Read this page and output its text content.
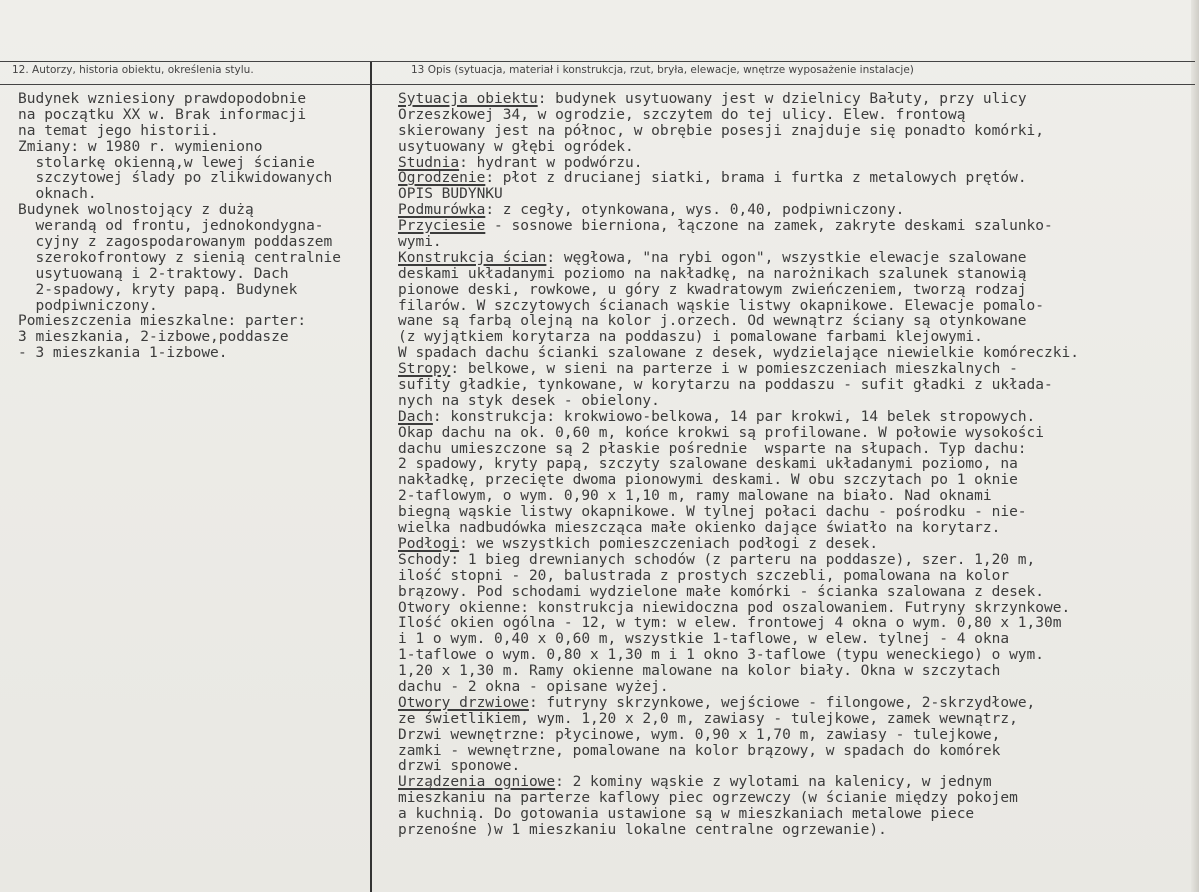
12. Autorzy, historia obiektu, określenia stylu.	13 Opis (sytuacja, materiał i konstrukcja, rzut, bryła, elewacje, wnętrze wyposażenie instalacje)
Budynek wzniesiony prawdopodobnie
na początku XX w. Brak informacji
na temat jego historii.
Zmiany: w 1980 r. wymieniono
stolarkę okienną,w lewej ścianie
szczytowej ślady po zlikwidowanych
oknach.
Budynek wolnostojący z dużą
werandą od frontu, jednokondygna-
cyjny z zagospodarowanym poddaszem
szerokofrontowy z sienią centralnie
usytuowaną i 2-traktowy. Dach
2-spadowy, kryty papą. Budynek
podpiwniczony.
Pomieszczenia mieszkalne: parter:
3 mieszkania, 2-izbowe,poddasze
- 3 mieszkania 1-izbowe.
Sytuacja obiektu: budynek usytuowany jest w dzielnicy Bałuty, przy ulicy
Orzeszkowej 34, w ogrodzie, szczytem do tej ulicy. Elew. frontową
skierowany jest na północ, w obrębie posesji znajduje się ponadto komórki,
usytuowany w głębi ogródek.
Studnia: hydrant w podwórzu.
Ogrodzenie: płot z drucianej siatki, brama i furtka z metalowych prętów.
OPIS BUDYNKU
Podmurówka: z cegły, otynkowana, wys. 0,40, podpiwniczony.
Przyciesie - sosnowe bierniona, łączone na zamek, zakryte deskami szalunko-
wymi.
Konstrukcja ścian: węgłowa, "na rybi ogon", wszystkie elewacje szalowane
deskami układanymi poziomo na nakładkę, na narożnikach szalunek stanowią
pionowe deski, rowkowe, u góry z kwadratowym zwieńczeniem, tworzą rodzaj
filarów. W szczytowych ścianach wąskie listwy okapnikowe. Elewacje pomalo-
wane są farbą olejną na kolor j.orzech. Od wewnątrz ściany są otynkowane
(z wyjątkiem korytarza na poddaszu) i pomalowane farbami klejowymi.
W spadach dachu ścianki szalowane z desek, wydzielające niewielkie komóreczki.
Stropy: belkowe, w sieni na parterze i w pomieszczeniach mieszkalnych -
sufity gładkie, tynkowane, w korytarzu na poddaszu - sufit gładki z układa-
nych na styk desek - obielony.
Dach: konstrukcja: krokwiowo-belkowa, 14 par krokwi, 14 belek stropowych.
Okap dachu na ok. 0,60 m, końce krokwi są profilowane. W połowie wysokości
dachu umieszczone są 2 płaskie pośrednie  wsparte na słupach. Typ dachu:
2 spadowy, kryty papą, szczyty szalowane deskami układanymi poziomo, na
nakładkę, przecięte dwoma pionowymi deskami. W obu szczytach po 1 oknie
2-taflowym, o wym. 0,90 x 1,10 m, ramy malowane na biało. Nad oknami
biegną wąskie listwy okapnikowe. W tylnej połaci dachu - pośrodku - nie-
wielka nadbudówka mieszcząca małe okienko dające światło na korytarz.
Podłogi: we wszystkich pomieszczeniach podłogi z desek.
Schody: 1 bieg drewnianych schodów (z parteru na poddasze), szer. 1,20 m,
ilość stopni - 20, balustrada z prostych szczebli, pomalowana na kolor
brązowy. Pod schodami wydzielone małe komórki - ścianka szalowana z desek.
Otwory okienne: konstrukcja niewidoczna pod oszalowaniem. Futryny skrzynkowe.
Ilość okien ogólna - 12, w tym: w elew. frontowej 4 okna o wym. 0,80 x 1,30m
i 1 o wym. 0,40 x 0,60 m, wszystkie 1-taflowe, w elew. tylnej - 4 okna
1-taflowe o wym. 0,80 x 1,30 m i 1 okno 3-taflowe (typu weneckiego) o wym.
1,20 x 1,30 m. Ramy okienne malowane na kolor biały. Okna w szczytach
dachu - 2 okna - opisane wyżej.
Otwory drzwiowe: futryny skrzynkowe, wejściowe - filongowe, 2-skrzydłowe,
ze świetlikiem, wym. 1,20 x 2,0 m, zawiasy - tulejkowe, zamek wewnątrz,
Drzwi wewnętrzne: płycinowe, wym. 0,90 x 1,70 m, zawiasy - tulejkowe,
zamki - wewnętrzne, pomalowane na kolor brązowy, w spadach do komórek
drzwi sponowe.
Urządzenia ogniowe: 2 kominy wąskie z wylotami na kalenicy, w jednym
mieszkaniu na parterze kaflowy piec ogrzewczy (w ścianie między pokojem
a kuchnią. Do gotowania ustawione są w mieszkaniach metalowe piece
przenośne )w 1 mieszkaniu lokalne centralne ogrzewanie).
